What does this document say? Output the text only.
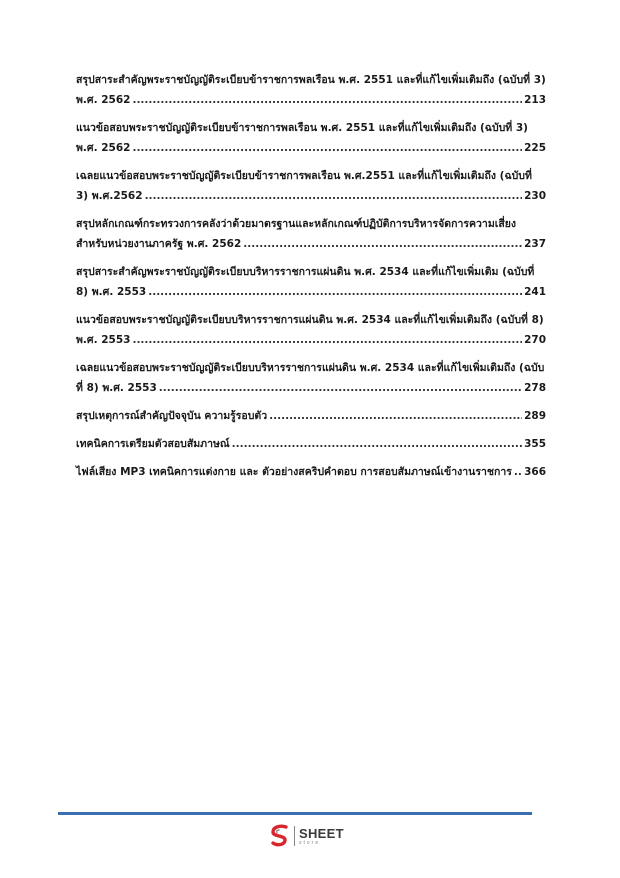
สรุปสาระสำคัญพระราชบัญญัติระเบียบข้าราชการพลเรือน พ.ศ. 2551 และที่แก้ไขเพิ่มเติมถึง (ฉบับที่ 3)
พ.ศ. 2562 .....	213
แนวข้อสอบพระราชบัญญัติระเบียบข้าราชการพลเรือน พ.ศ. 2551 และที่แก้ไขเพิ่มเติมถึง (ฉบับที่ 3)
พ.ศ. 2562 .....	225
เฉลยแนวข้อสอบพระราชบัญญัติระเบียบข้าราชการพลเรือน พ.ศ.2551 และที่แก้ไขเพิ่มเติมถึง (ฉบับที่
3) พ.ศ.2562 .....	230
สรุปหลักเกณฑ์กระทรวงการคลังว่าด้วยมาตรฐานและหลักเกณฑ์ปฏิบัติการบริหารจัดการความเสี่ยง
สำหรับหน่วยงานภาครัฐ พ.ศ. 2562 .....	237
สรุปสาระสำคัญพระราชบัญญัติระเบียบบริหารราชการแผ่นดิน พ.ศ. 2534 และที่แก้ไขเพิ่มเติม (ฉบับที่
8) พ.ศ. 2553 .....	241
แนวข้อสอบพระราชบัญญัติระเบียบบริหารราชการแผ่นดิน พ.ศ. 2534 และที่แก้ไขเพิ่มเติมถึง (ฉบับที่ 8)
พ.ศ. 2553 .....	270
เฉลยแนวข้อสอบพระราชบัญญัติระเบียบบริหารราชการแผ่นดิน พ.ศ. 2534 และที่แก้ไขเพิ่มเติมถึง (ฉบับ
ที่ 8) พ.ศ. 2553 .....	278
สรุปเหตุการณ์สำคัญปัจจุบัน ความรู้รอบตัว .....	289
เทคนิคการเตรียมตัวสอบสัมภาษณ์ .....	355
ไฟล์เสียง MP3 เทคนิคการแต่งกาย และ ตัวอย่างสคริปคำตอบ การสอบสัมภาษณ์เข้างานราชการ ..... 366
SHEET
store
